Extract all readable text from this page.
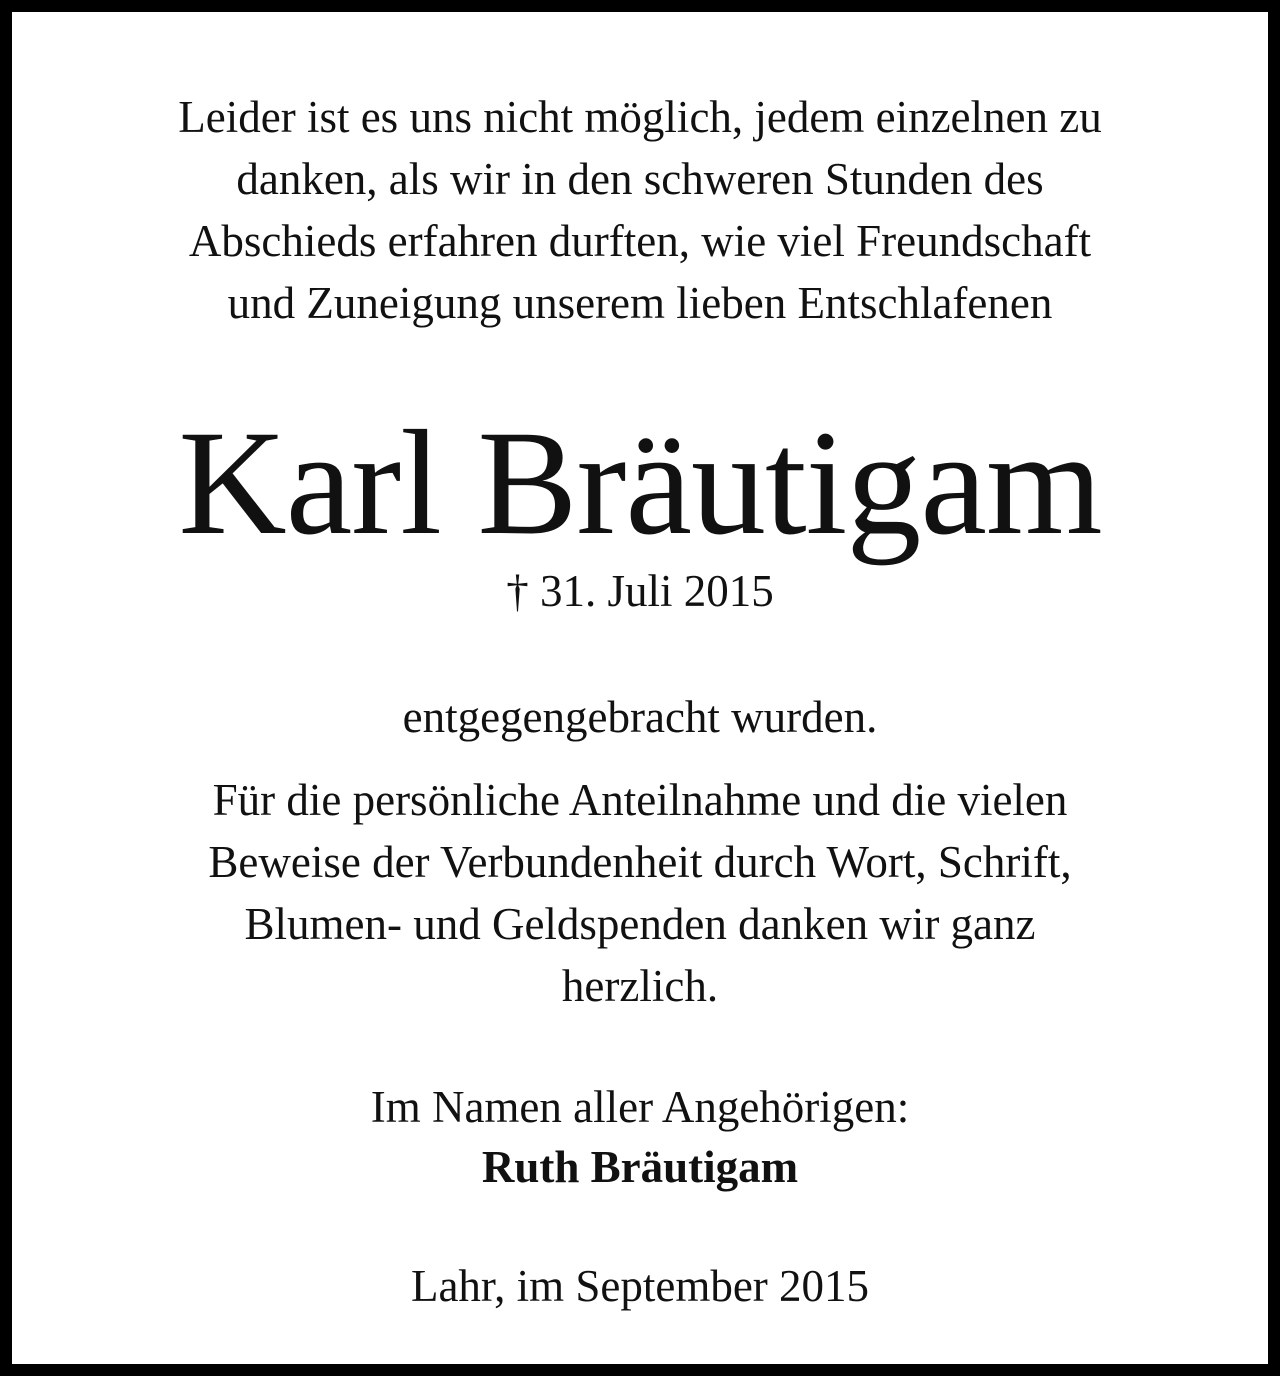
Leider ist es uns nicht möglich, jedem einzelnen zu
danken, als wir in den schweren Stunden des
Abschieds erfahren durften, wie viel Freundschaft
und Zuneigung unserem lieben Entschlafenen
Karl Bräutigam
† 31. Juli 2015
entgegengebracht wurden.
Für die persönliche Anteilnahme und die vielen
Beweise der Verbundenheit durch Wort, Schrift,
Blumen- und Geldspenden danken wir ganz
herzlich.
Im Namen aller Angehörigen:
Ruth Bräutigam
Lahr, im September 2015
